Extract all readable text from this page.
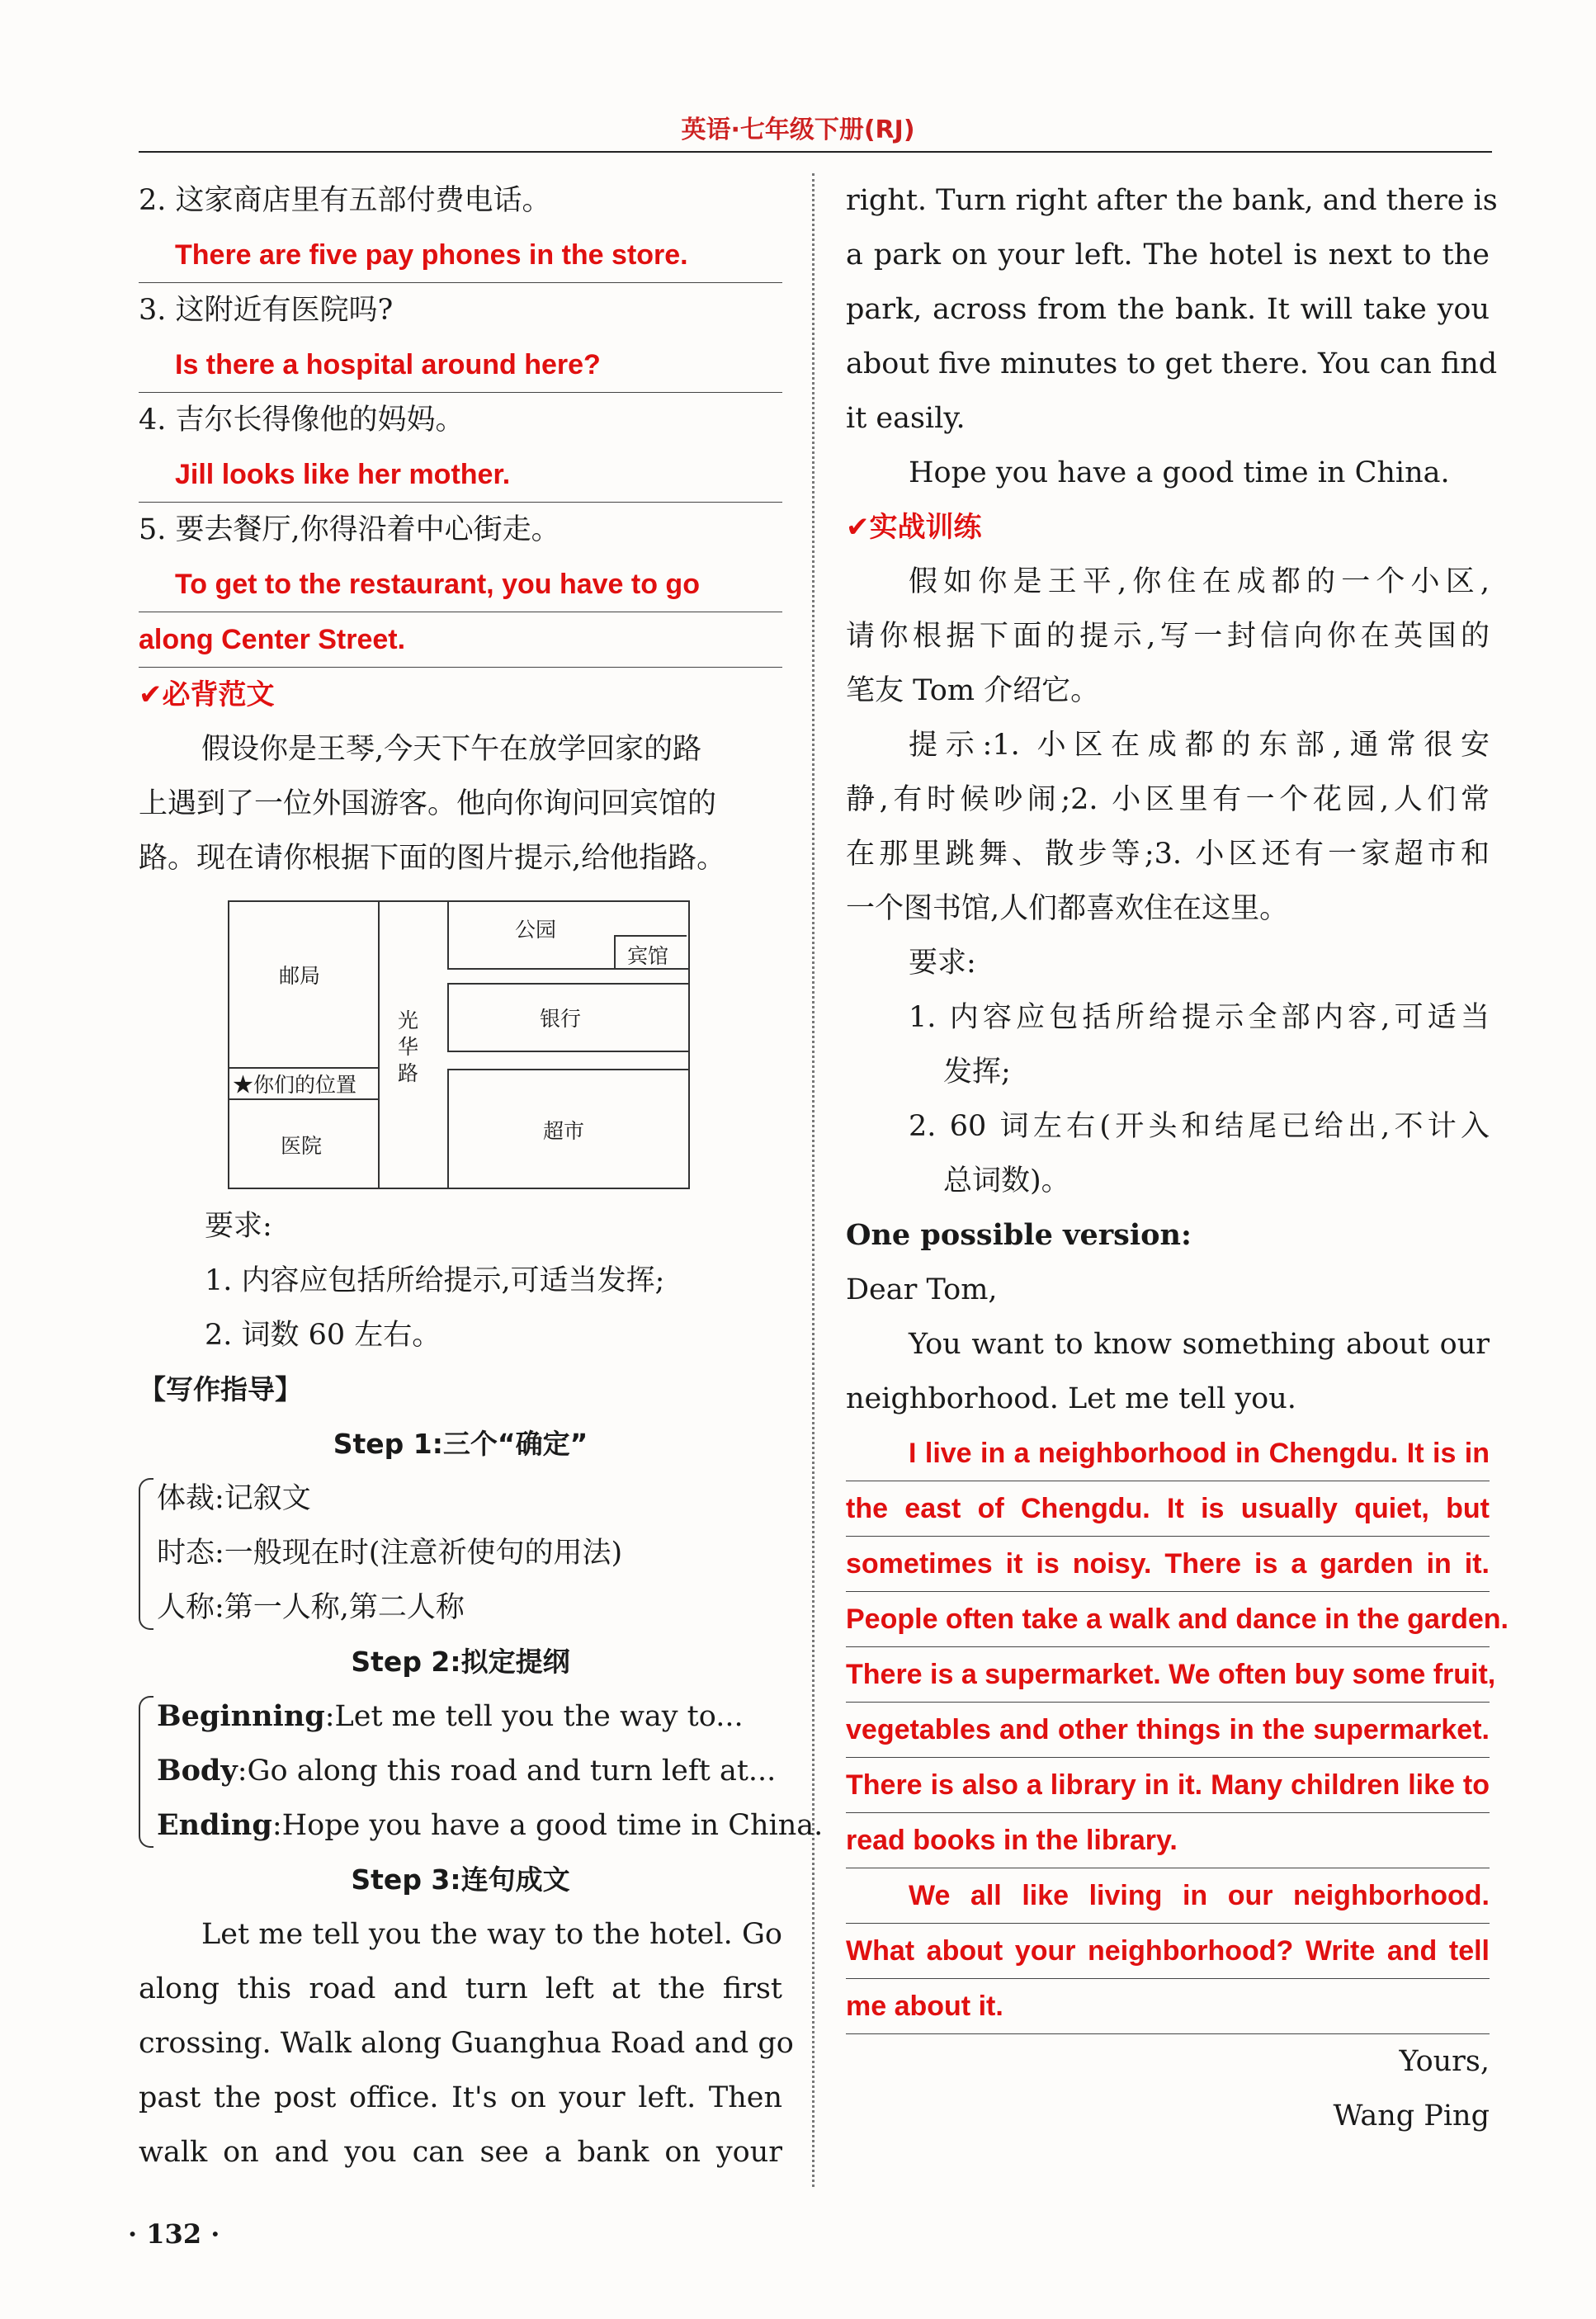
英语·七年级下册(RJ)
2. 这家商店里有五部付费电话。
There are five pay phones in the store.
3. 这附近有医院吗?
Is there a hospital around here?
4. 吉尔长得像他的妈妈。
Jill looks like her mother.
5. 要去餐厅,你得沿着中心街走。
To get to the restaurant, you have to go
along Center Street.
✔必背范文
假设你是王琴,今天下午在放学回家的路
上遇到了一位外国游客。他向你询问回宾馆的
路。现在请你根据下面的图片提示,给他指路。
邮局
★你们的位置
医院
光
华
路
公园
宾馆
银行
超市
要求:
1. 内容应包括所给提示,可适当发挥;
2. 词数 60 左右。
【写作指导】
Step 1:三个“确定”
体裁:记叙文
时态:一般现在时(注意祈使句的用法)
人称:第一人称,第二人称
Step 2:拟定提纲
Beginning:Let me tell you the way to...
Body:Go along this road and turn left at...
Ending:Hope you have a good time in China.
Step 3:连句成文
Let me tell you the way to the hotel. Go
along this road and turn left at the first
crossing. Walk along Guanghua Road and go
past the post office. It's on your left. Then
walk on and you can see a bank on your
right. Turn right after the bank, and there is
a park on your left. The hotel is next to the
park, across from the bank. It will take you
about five minutes to get there. You can find
it easily.
Hope you have a good time in China.
✔实战训练
假如你是王平,你住在成都的一个小区,
请你根据下面的提示,写一封信向你在英国的
笔友 Tom 介绍它。
提示:1. 小区在成都的东部,通常很安
静,有时候吵闹;2. 小区里有一个花园,人们常
在那里跳舞、散步等;3. 小区还有一家超市和
一个图书馆,人们都喜欢住在这里。
要求:
1. 内容应包括所给提示全部内容,可适当
发挥;
2. 60 词左右(开头和结尾已给出,不计入
总词数)。
One possible version:
Dear Tom,
You want to know something about our
neighborhood. Let me tell you.
I live in a neighborhood in Chengdu. It is in
the east of Chengdu. It is usually quiet, but
sometimes it is noisy. There is a garden in it.
People often take a walk and dance in the garden.
There is a supermarket. We often buy some fruit,
vegetables and other things in the supermarket.
There is also a library in it. Many children like to
read books in the library.
We all like living in our neighborhood.
What about your neighborhood? Write and tell
me about it.
Yours,
Wang Ping
· 132 ·
